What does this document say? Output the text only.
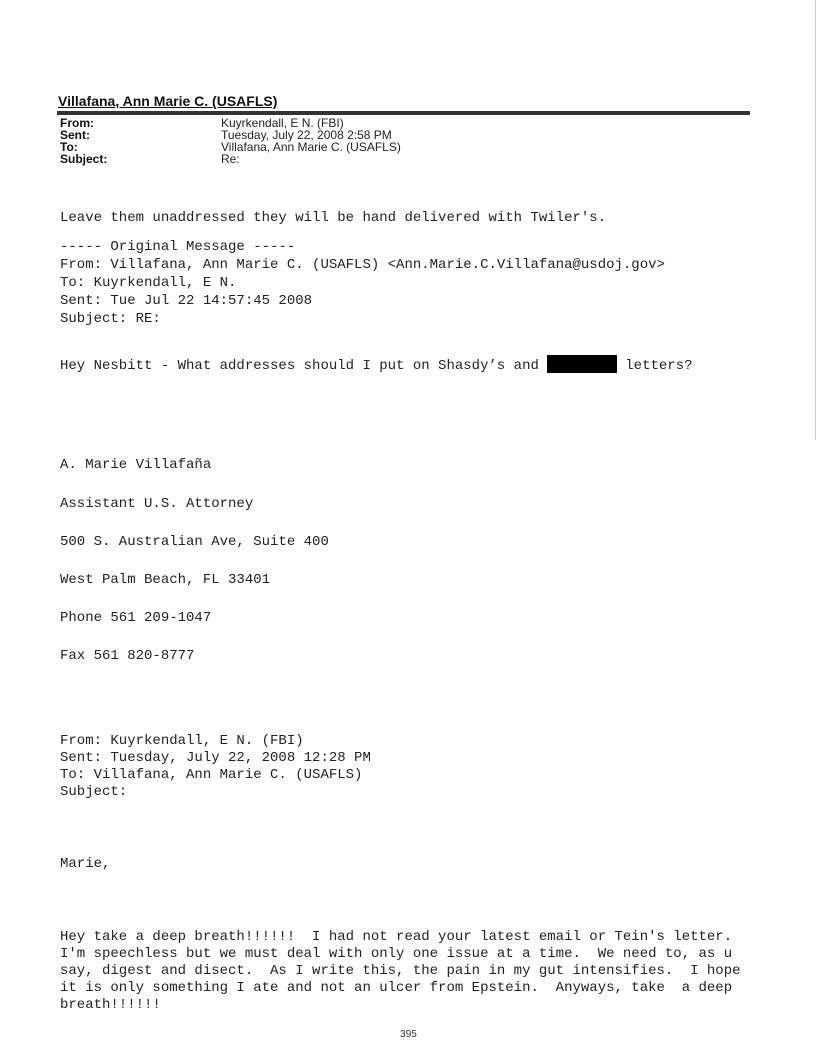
Villafana, Ann Marie C. (USAFLS)
From:	Kuyrkendall, E N. (FBI)
Sent:	Tuesday, July 22, 2008 2:58 PM
To:	Villafana, Ann Marie C. (USAFLS)
Subject:	Re:
Leave them unaddressed they will be hand delivered with Twiler's.
----- Original Message -----
From: Villafana, Ann Marie C. (USAFLS) <Ann.Marie.C.Villafana@usdoj.gov>
To: Kuyrkendall, E N.
Sent: Tue Jul 22 14:57:45 2008
Subject: RE:
Hey Nesbitt - What addresses should I put on Shasdy’s and	letters?
A. Marie Villafaña
Assistant U.S. Attorney
500 S. Australian Ave, Suite 400
West Palm Beach, FL 33401
Phone 561 209-1047
Fax 561 820-8777
From: Kuyrkendall, E N. (FBI)
Sent: Tuesday, July 22, 2008 12:28 PM
To: Villafana, Ann Marie C. (USAFLS)
Subject:
Marie,
Hey take a deep breath!!!!!!  I had not read your latest email or Tein's letter.
I'm speechless but we must deal with only one issue at a time.  We need to, as u
say, digest and disect.  As I write this, the pain in my gut intensifies.  I hope
it is only something I ate and not an ulcer from Epstein.  Anyways, take  a deep
breath!!!!!!
395
